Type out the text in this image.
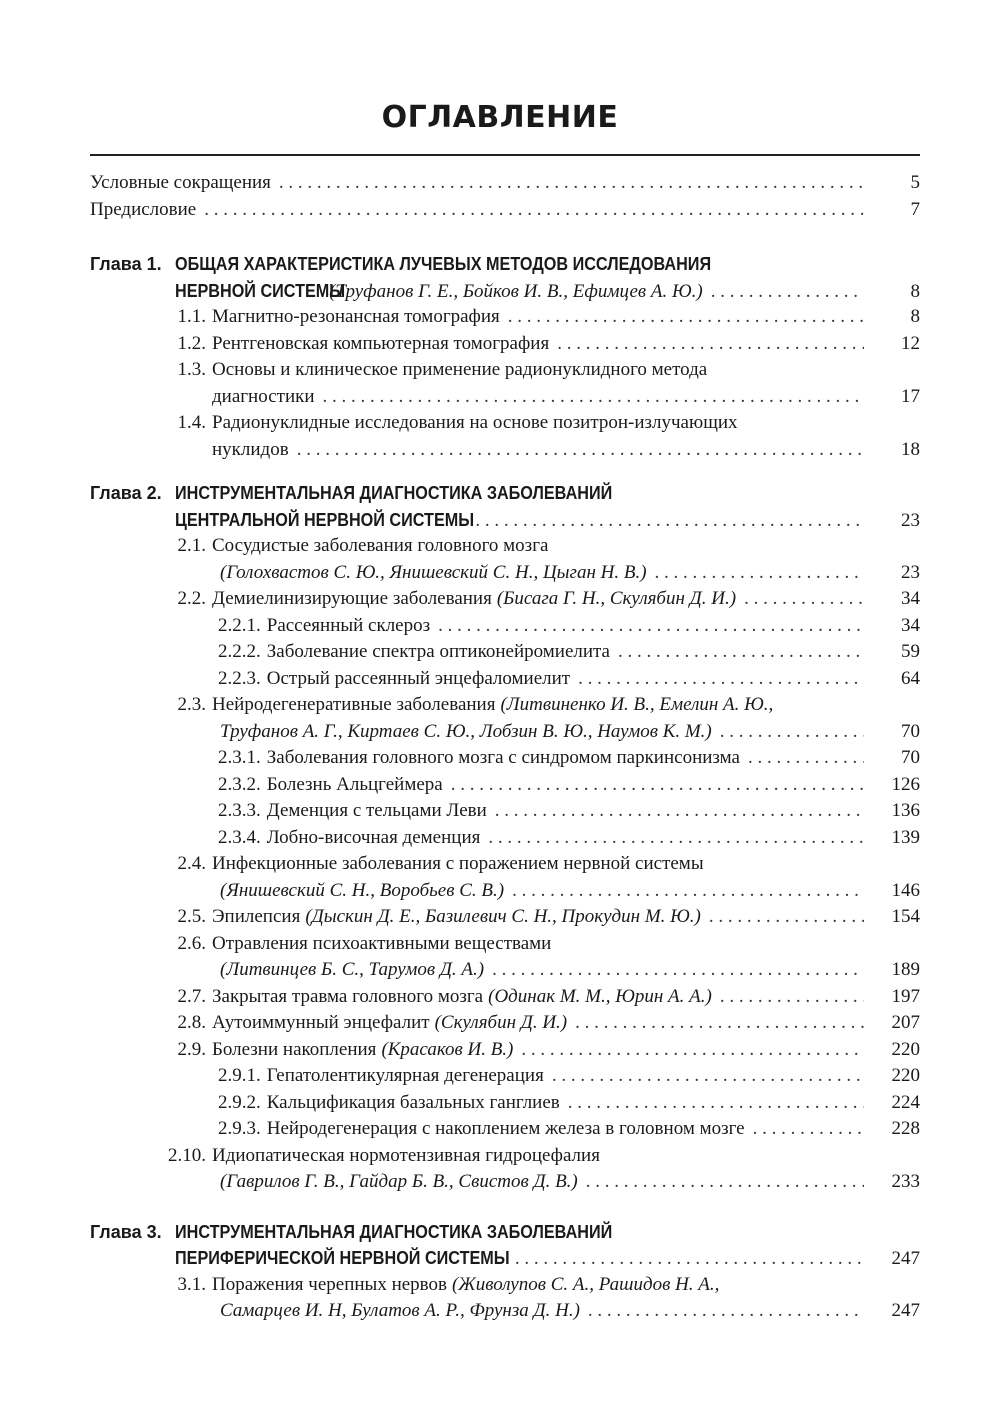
ОГЛАВЛЕНИЕ
Условные сокращения . . .	5
Предисловие . . .	7
Глава 1. ОБЩАЯ ХАРАКТЕРИСТИКА ЛУЧЕВЫХ МЕТОДОВ ИССЛЕДОВАНИЯ
НЕРВНОЙ СИСТЕМЫ
(Труфанов Г. Е., Бойков И. В., Ефимцев А. Ю.) . . .	8
1.1. Магнитно-резонансная томография . . .	8
1.2. Рентгеновская компьютерная томография . . .	12
1.3. Основы и клиническое применение радионуклидного метода
диагностики . . .	17
1.4. Радионуклидные исследования на основе позитрон-излучающих
нуклидов . . .	18
Глава 2. ИНСТРУМЕНТАЛЬНАЯ ДИАГНОСТИКА ЗАБОЛЕВАНИЙ
ЦЕНТРАЛЬНОЙ НЕРВНОЙ СИСТЕМЫ . . .	23
2.1. Сосудистые заболевания головного мозга
(Голохвастов С. Ю., Янишевский С. Н., Цыган Н. В.) . . .	23
2.2. Демиелинизирующие заболевания (Бисага Г. Н., Скулябин Д. И.) . . .	34
2.2.1. Рассеянный склероз . . .	34
2.2.2. Заболевание спектра оптиконейромиелита . . .	59
2.2.3. Острый рассеянный энцефаломиелит . . .	64
2.3. Нейродегенеративные заболевания (Литвиненко И. В., Емелин А. Ю.,
Труфанов А. Г., Киртаев С. Ю., Лобзин В. Ю., Наумов К. М.) . . .	70
2.3.1. Заболевания головного мозга с синдромом паркинсонизма . . .	70
2.3.2. Болезнь Альцгеймера . . .	126
2.3.3. Деменция с тельцами Леви . . .	136
2.3.4. Лобно-височная деменция . . .	139
2.4. Инфекционные заболевания с поражением нервной системы
(Янишевский С. Н., Воробьев С. В.) . . .	146
2.5. Эпилепсия (Дыскин Д. Е., Базилевич С. Н., Прокудин М. Ю.) . . .	154
2.6. Отравления психоактивными веществами
(Литвинцев Б. С., Тарумов Д. А.) . . .	189
2.7. Закрытая травма головного мозга (Одинак М. М., Юрин А. А.) . . .	197
2.8. Аутоиммунный энцефалит (Скулябин Д. И.) . . .	207
2.9. Болезни накопления (Красаков И. В.) . . .	220
2.9.1. Гепатолентикулярная дегенерация . . .	220
2.9.2. Кальцификация базальных ганглиев . . .	224
2.9.3. Нейродегенерация с накоплением железа в головном мозге . . .	228
2.10. Идиопатическая нормотензивная гидроцефалия
(Гаврилов Г. В., Гайдар Б. В., Свистов Д. В.) . . .	233
Глава 3. ИНСТРУМЕНТАЛЬНАЯ ДИАГНОСТИКА ЗАБОЛЕВАНИЙ
ПЕРИФЕРИЧЕСКОЙ НЕРВНОЙ СИСТЕМЫ . . .	247
3.1. Поражения черепных нервов (Живолупов С. А., Рашидов Н. А.,
Самарцев И. Н, Булатов А. Р., Фрунза Д. Н.) . . .	247
